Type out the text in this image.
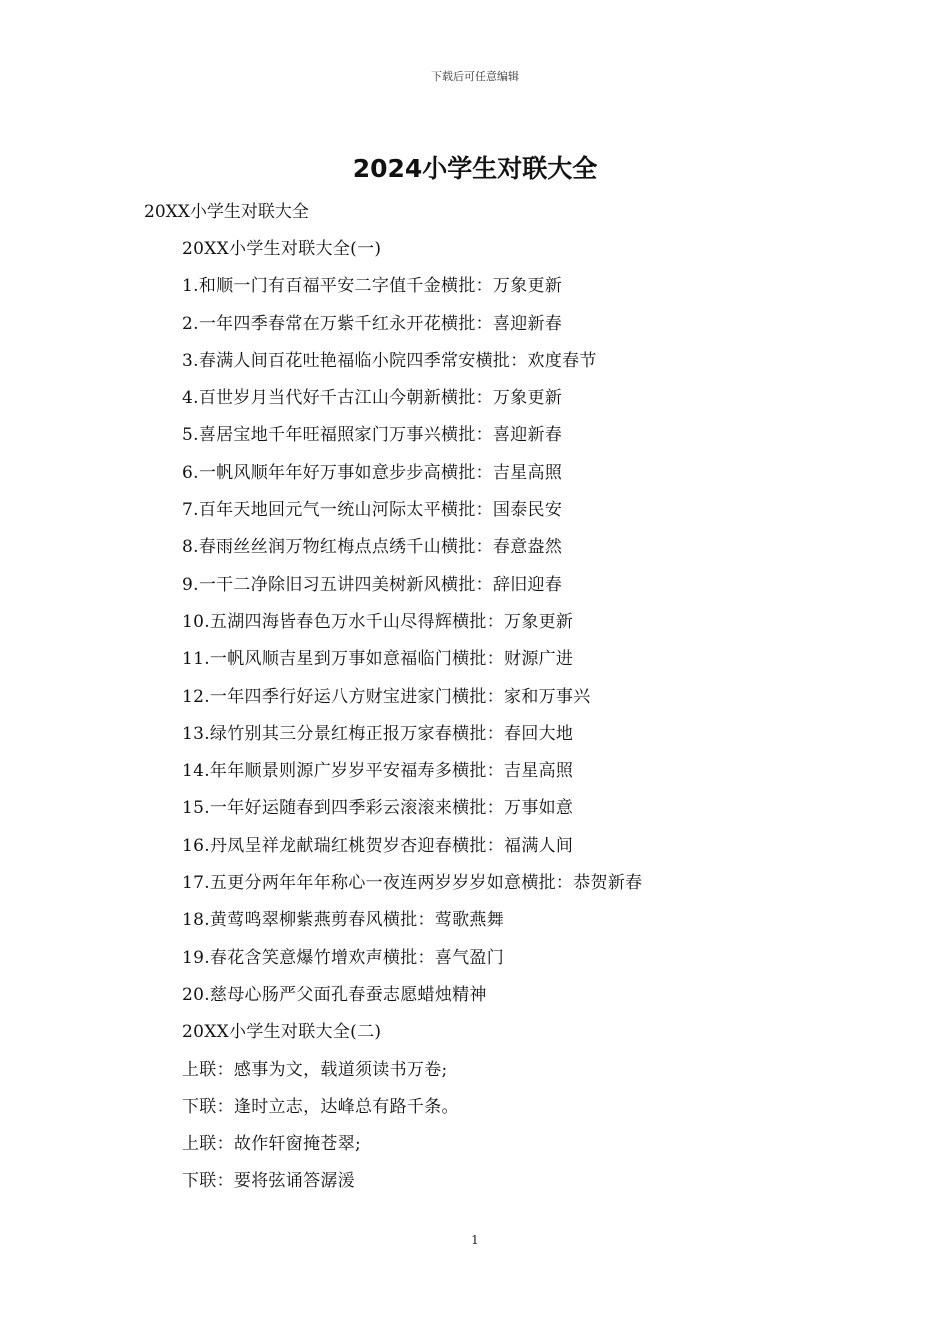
下载后可任意编辑
2024小学生对联大全

20XX小学生对联大全

20XX小学生对联大全(一)
1.和顺一门有百福平安二字值千金横批：万象更新
2.一年四季春常在万紫千红永开花横批：喜迎新春
3.春满人间百花吐艳福临小院四季常安横批：欢度春节
4.百世岁月当代好千古江山今朝新横批：万象更新
5.喜居宝地千年旺福照家门万事兴横批：喜迎新春
6.一帆风顺年年好万事如意步步高横批：吉星高照
7.百年天地回元气一统山河际太平横批：国泰民安
8.春雨丝丝润万物红梅点点绣千山横批：春意盎然
9.一干二净除旧习五讲四美树新风横批：辞旧迎春
10.五湖四海皆春色万水千山尽得辉横批：万象更新
11.一帆风顺吉星到万事如意福临门横批：财源广进
12.一年四季行好运八方财宝进家门横批：家和万事兴
13.绿竹别其三分景红梅正报万家春横批：春回大地
14.年年顺景则源广岁岁平安福寿多横批：吉星高照
15.一年好运随春到四季彩云滚滚来横批：万事如意
16.丹凤呈祥龙献瑞红桃贺岁杏迎春横批：福满人间
17.五更分两年年年称心一夜连两岁岁岁如意横批：恭贺新春
18.黄莺鸣翠柳紫燕剪春风横批：莺歌燕舞
19.春花含笑意爆竹增欢声横批：喜气盈门
20.慈母心肠严父面孔春蚕志愿蜡烛精神
20XX小学生对联大全(二)
上联：感事为文，载道须读书万卷;
下联：逢时立志，达峰总有路千条。
上联：故作轩窗掩苍翠;
下联：要将弦诵答潺湲
1
